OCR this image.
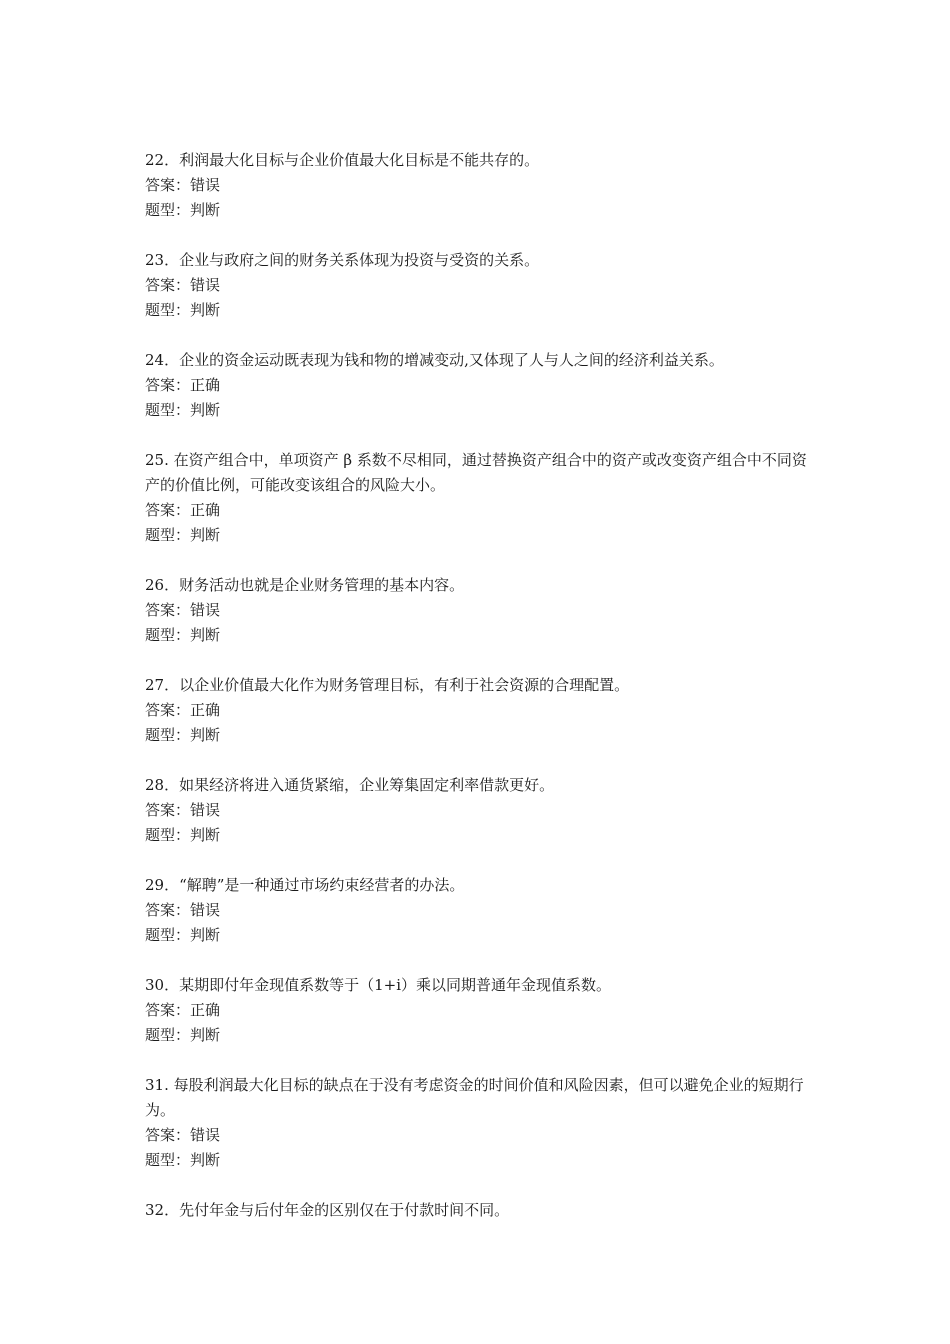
22．利润最大化目标与企业价值最大化目标是不能共存的。
答案：错误
题型：判断
23．企业与政府之间的财务关系体现为投资与受资的关系。
答案：错误
题型：判断
24．企业的资金运动既表现为钱和物的增减变动,又体现了人与人之间的经济利益关系。
答案：正确
题型：判断
25. 在资产组合中，单项资产 β 系数不尽相同，通过替换资产组合中的资产或改变资产组合中不同资产的价值比例，可能改变该组合的风险大小。
答案：正确
题型：判断
26．财务活动也就是企业财务管理的基本内容。
答案：错误
题型：判断
27．以企业价值最大化作为财务管理目标，有利于社会资源的合理配置。
答案：正确
题型：判断
28．如果经济将进入通货紧缩，企业筹集固定利率借款更好。
答案：错误
题型：判断
29．“解聘”是一种通过市场约束经营者的办法。
答案：错误
题型：判断
30．某期即付年金现值系数等于（1+i）乘以同期普通年金现值系数。
答案：正确
题型：判断
31. 每股利润最大化目标的缺点在于没有考虑资金的时间价值和风险因素，但可以避免企业的短期行为。
答案：错误
题型：判断
32．先付年金与后付年金的区别仅在于付款时间不同。
